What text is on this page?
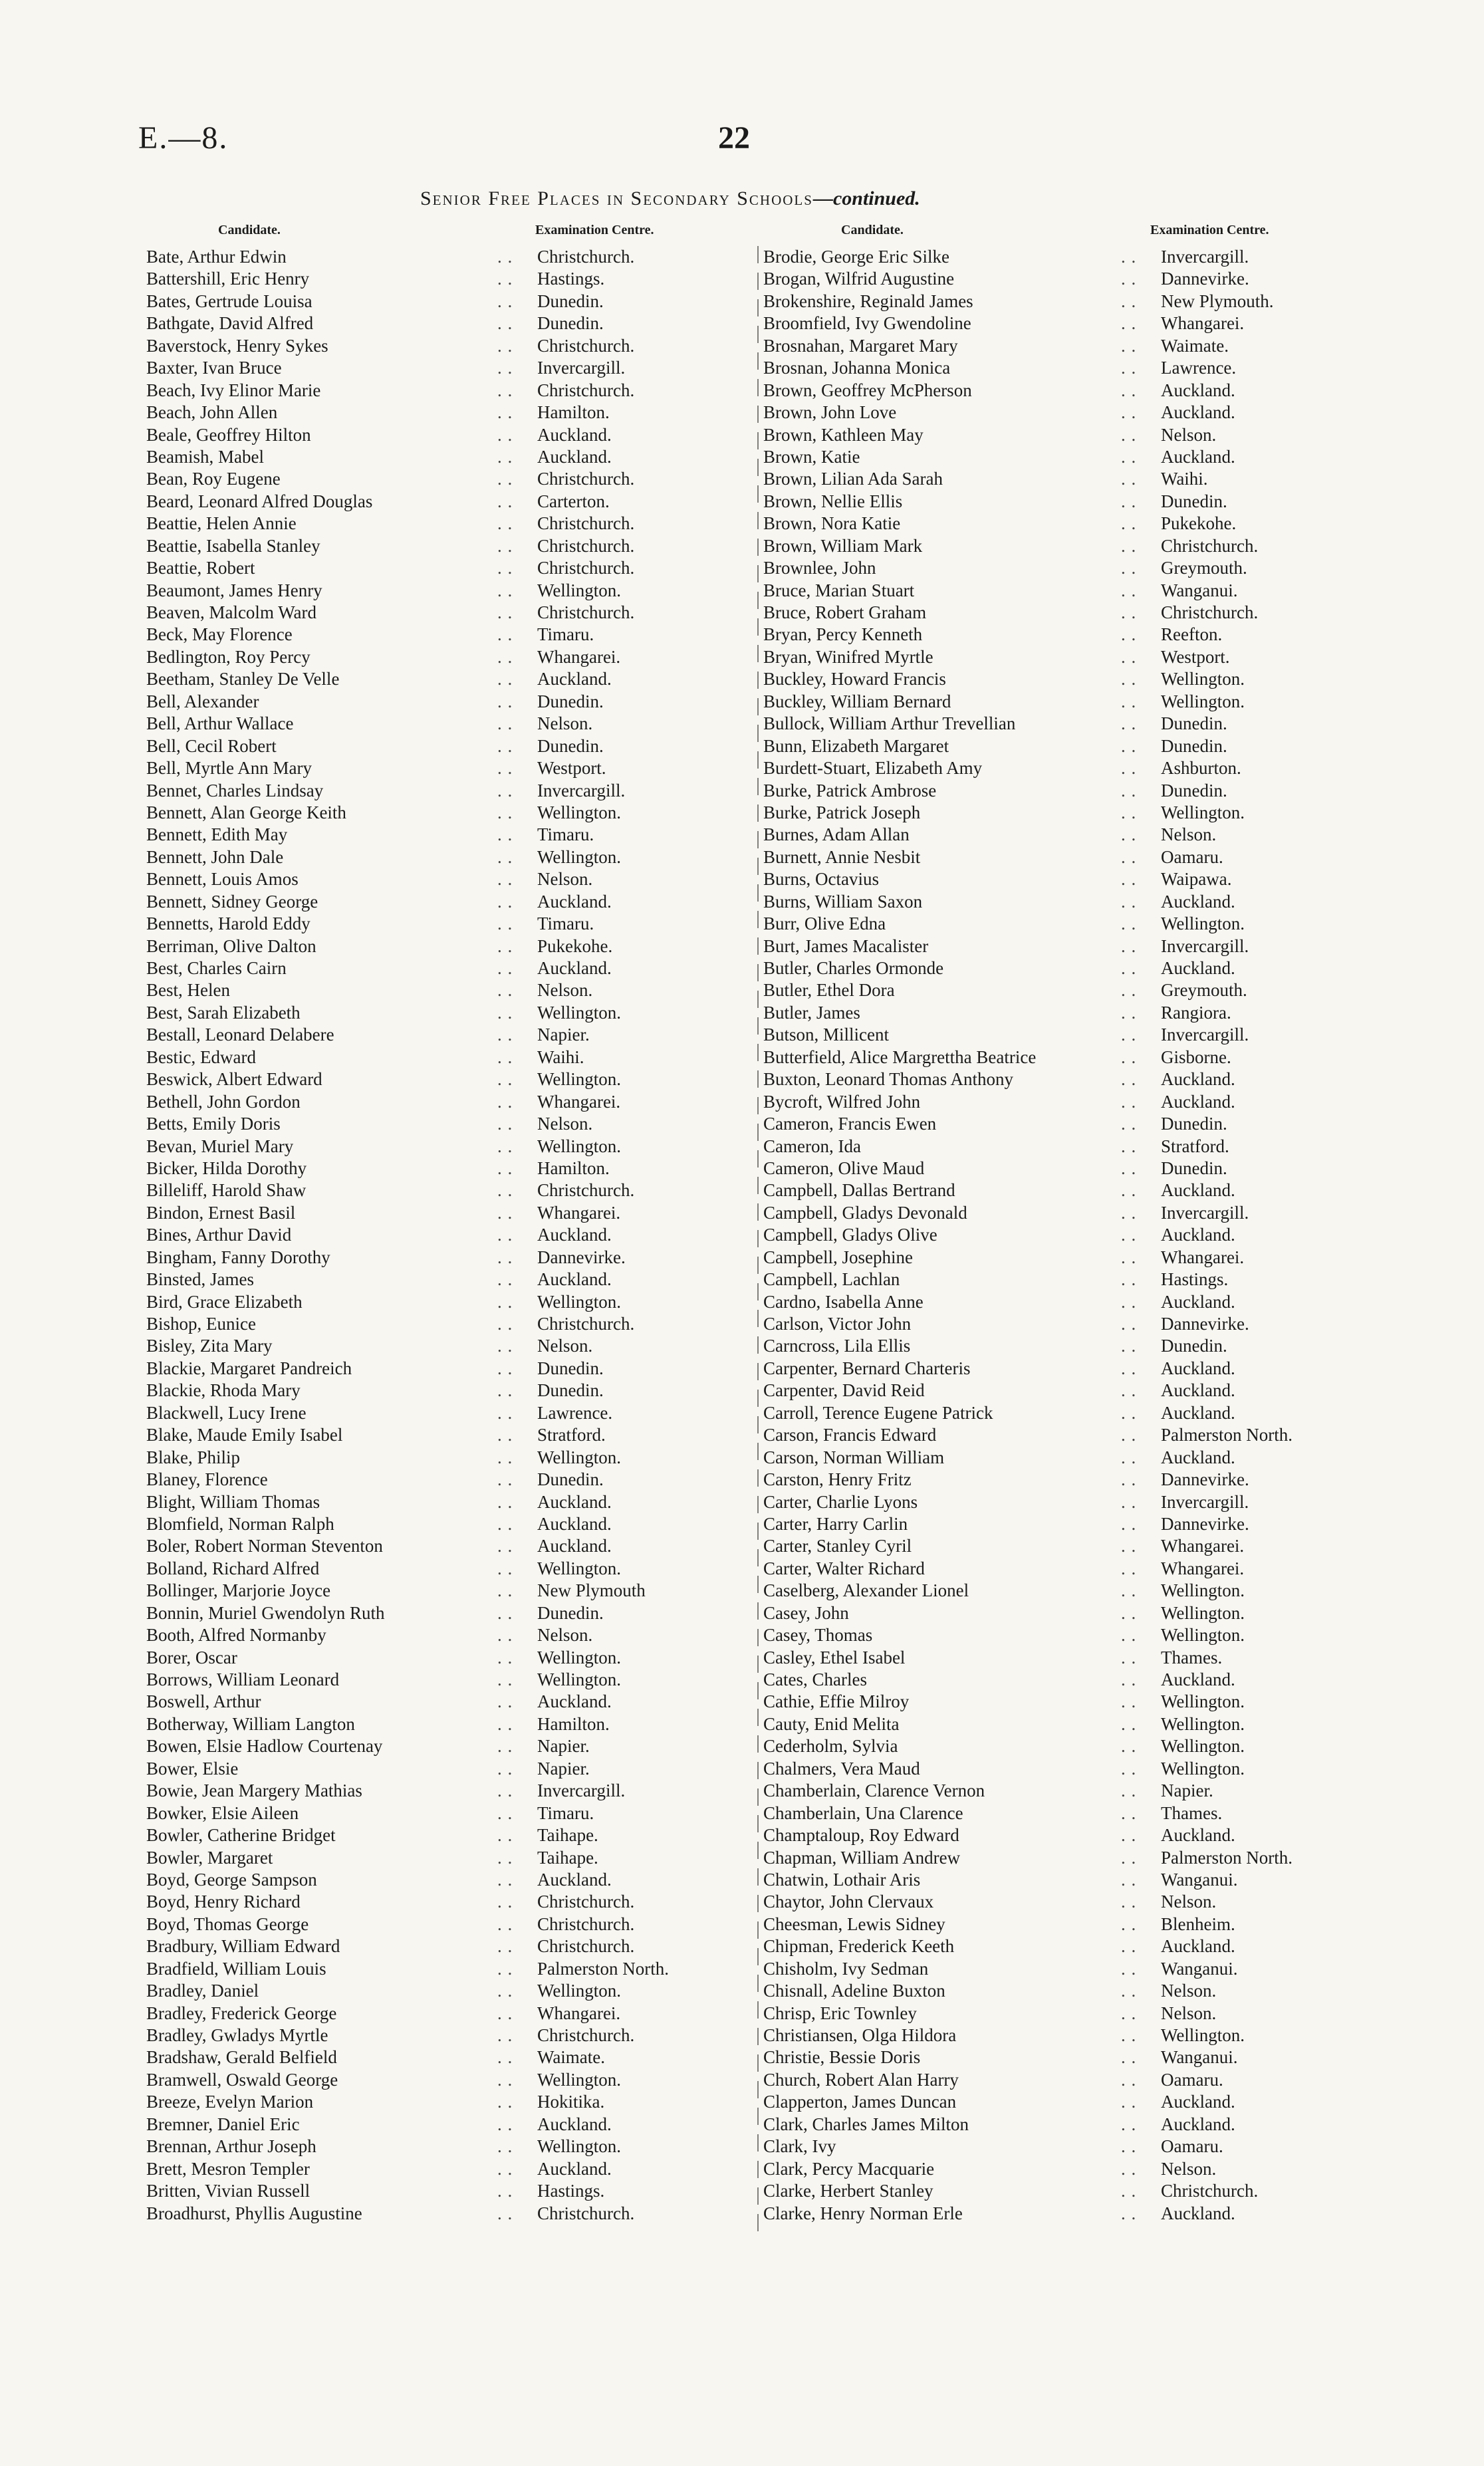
E.—8.	22
Senior Free Places in Secondary Schools—continued.
Candidate.	Examination Centre.	Candidate.	Examination Centre.
Bate, Arthur Edwin	. . Christchurch.
Battershill, Eric Henry	. . Hastings.
Bates, Gertrude Louisa	. . Dunedin.
Bathgate, David Alfred	. . Dunedin.
Baverstock, Henry Sykes	. . Christchurch.
Baxter, Ivan Bruce	. . Invercargill.
Beach, Ivy Elinor Marie	. . Christchurch.
Beach, John Allen	. . Hamilton.
Beale, Geoffrey Hilton	. . Auckland.
Beamish, Mabel	. . Auckland.
Bean, Roy Eugene	. . Christchurch.
Beard, Leonard Alfred Douglas	. . Carterton.
Beattie, Helen Annie	. . Christchurch.
Beattie, Isabella Stanley	. . Christchurch.
Beattie, Robert	. . Christchurch.
Beaumont, James Henry	. . Wellington.
Beaven, Malcolm Ward	. . Christchurch.
Beck, May Florence	. . Timaru.
Bedlington, Roy Percy	. . Whangarei.
Beetham, Stanley De Velle	. . Auckland.
Bell, Alexander	. . Dunedin.
Bell, Arthur Wallace	. . Nelson.
Bell, Cecil Robert	. . Dunedin.
Bell, Myrtle Ann Mary	. . Westport.
Bennet, Charles Lindsay	. . Invercargill.
Bennett, Alan George Keith	. . Wellington.
Bennett, Edith May	. . Timaru.
Bennett, John Dale	. . Wellington.
Bennett, Louis Amos	. . Nelson.
Bennett, Sidney George	. . Auckland.
Bennetts, Harold Eddy	. . Timaru.
Berriman, Olive Dalton	. . Pukekohe.
Best, Charles Cairn	. . Auckland.
Best, Helen	. . Nelson.
Best, Sarah Elizabeth	. . Wellington.
Bestall, Leonard Delabere	. . Napier.
Bestic, Edward	. . Waihi.
Beswick, Albert Edward	. . Wellington.
Bethell, John Gordon	. . Whangarei.
Betts, Emily Doris	. . Nelson.
Bevan, Muriel Mary	. . Wellington.
Bicker, Hilda Dorothy	. . Hamilton.
Billeliff, Harold Shaw	. . Christchurch.
Bindon, Ernest Basil	. . Whangarei.
Bines, Arthur David	. . Auckland.
Bingham, Fanny Dorothy	. . Dannevirke.
Binsted, James	. . Auckland.
Bird, Grace Elizabeth	. . Wellington.
Bishop, Eunice	. . Christchurch.
Bisley, Zita Mary	. . Nelson.
Blackie, Margaret Pandreich	. . Dunedin.
Blackie, Rhoda Mary	. . Dunedin.
Blackwell, Lucy Irene	. . Lawrence.
Blake, Maude Emily Isabel	. . Stratford.
Blake, Philip	. . Wellington.
Blaney, Florence	. . Dunedin.
Blight, William Thomas	. . Auckland.
Blomfield, Norman Ralph	. . Auckland.
Boler, Robert Norman Steventon	. . Auckland.
Bolland, Richard Alfred	. . Wellington.
Bollinger, Marjorie Joyce	. . New Plymouth
Bonnin, Muriel Gwendolyn Ruth	. . Dunedin.
Booth, Alfred Normanby	. . Nelson.
Borer, Oscar	. . Wellington.
Borrows, William Leonard	. . Wellington.
Boswell, Arthur	. . Auckland.
Botherway, William Langton	. . Hamilton.
Bowen, Elsie Hadlow Courtenay	. . Napier.
Bower, Elsie	. . Napier.
Bowie, Jean Margery Mathias	. . Invercargill.
Bowker, Elsie Aileen	. . Timaru.
Bowler, Catherine Bridget	. . Taihape.
Bowler, Margaret	. . Taihape.
Boyd, George Sampson	. . Auckland.
Boyd, Henry Richard	. . Christchurch.
Boyd, Thomas George	. . Christchurch.
Bradbury, William Edward	. . Christchurch.
Bradfield, William Louis	. . Palmerston North.
Bradley, Daniel	. . Wellington.
Bradley, Frederick George	. . Whangarei.
Bradley, Gwladys Myrtle	. . Christchurch.
Bradshaw, Gerald Belfield	. . Waimate.
Bramwell, Oswald George	. . Wellington.
Breeze, Evelyn Marion	. . Hokitika.
Bremner, Daniel Eric	. . Auckland.
Brennan, Arthur Joseph	. . Wellington.
Brett, Mesron Templer	. . Auckland.
Britten, Vivian Russell	. . Hastings.
Broadhurst, Phyllis Augustine	. . Christchurch.
Brodie, George Eric Silke	. . Invercargill.
Brogan, Wilfrid Augustine	. . Dannevirke.
Brokenshire, Reginald James	. . New Plymouth.
Broomfield, Ivy Gwendoline	. . Whangarei.
Brosnahan, Margaret Mary	. . Waimate.
Brosnan, Johanna Monica	. . Lawrence.
Brown, Geoffrey McPherson	. . Auckland.
Brown, John Love	. . Auckland.
Brown, Kathleen May	. . Nelson.
Brown, Katie	. . Auckland.
Brown, Lilian Ada Sarah	. . Waihi.
Brown, Nellie Ellis	. . Dunedin.
Brown, Nora Katie	. . Pukekohe.
Brown, William Mark	. . Christchurch.
Brownlee, John	. . Greymouth.
Bruce, Marian Stuart	. . Wanganui.
Bruce, Robert Graham	. . Christchurch.
Bryan, Percy Kenneth	. . Reefton.
Bryan, Winifred Myrtle	. . Westport.
Buckley, Howard Francis	. . Wellington.
Buckley, William Bernard	. . Wellington.
Bullock, William Arthur Trevellian	. . Dunedin.
Bunn, Elizabeth Margaret	. . Dunedin.
Burdett-Stuart, Elizabeth Amy	. . Ashburton.
Burke, Patrick Ambrose	. . Dunedin.
Burke, Patrick Joseph	. . Wellington.
Burnes, Adam Allan	. . Nelson.
Burnett, Annie Nesbit	. . Oamaru.
Burns, Octavius	. . Waipawa.
Burns, William Saxon	. . Auckland.
Burr, Olive Edna	. . Wellington.
Burt, James Macalister	. . Invercargill.
Butler, Charles Ormonde	. . Auckland.
Butler, Ethel Dora	. . Greymouth.
Butler, James	. . Rangiora.
Butson, Millicent	. . Invercargill.
Butterfield, Alice Margrettha Beatrice	. . Gisborne.
Buxton, Leonard Thomas Anthony	. . Auckland.
Bycroft, Wilfred John	. . Auckland.
Cameron, Francis Ewen	. . Dunedin.
Cameron, Ida	. . Stratford.
Cameron, Olive Maud	. . Dunedin.
Campbell, Dallas Bertrand	. . Auckland.
Campbell, Gladys Devonald	. . Invercargill.
Campbell, Gladys Olive	. . Auckland.
Campbell, Josephine	. . Whangarei.
Campbell, Lachlan	. . Hastings.
Cardno, Isabella Anne	. . Auckland.
Carlson, Victor John	. . Dannevirke.
Carncross, Lila Ellis	. . Dunedin.
Carpenter, Bernard Charteris	. . Auckland.
Carpenter, David Reid	. . Auckland.
Carroll, Terence Eugene Patrick	. . Auckland.
Carson, Francis Edward	. . Palmerston North.
Carson, Norman William	. . Auckland.
Carston, Henry Fritz	. . Dannevirke.
Carter, Charlie Lyons	. . Invercargill.
Carter, Harry Carlin	. . Dannevirke.
Carter, Stanley Cyril	. . Whangarei.
Carter, Walter Richard	. . Whangarei.
Caselberg, Alexander Lionel	. . Wellington.
Casey, John	. . Wellington.
Casey, Thomas	. . Wellington.
Casley, Ethel Isabel	. . Thames.
Cates, Charles	. . Auckland.
Cathie, Effie Milroy	. . Wellington.
Cauty, Enid Melita	. . Wellington.
Cederholm, Sylvia	. . Wellington.
Chalmers, Vera Maud	. . Wellington.
Chamberlain, Clarence Vernon	. . Napier.
Chamberlain, Una Clarence	. . Thames.
Champtaloup, Roy Edward	. . Auckland.
Chapman, William Andrew	. . Palmerston North.
Chatwin, Lothair Aris	. . Wanganui.
Chaytor, John Clervaux	. . Nelson.
Cheesman, Lewis Sidney	. . Blenheim.
Chipman, Frederick Keeth	. . Auckland.
Chisholm, Ivy Sedman	. . Wanganui.
Chisnall, Adeline Buxton	. . Nelson.
Chrisp, Eric Townley	. . Nelson.
Christiansen, Olga Hildora	. . Wellington.
Christie, Bessie Doris	. . Wanganui.
Church, Robert Alan Harry	. . Oamaru.
Clapperton, James Duncan	. . Auckland.
Clark, Charles James Milton	. . Auckland.
Clark, Ivy	. . Oamaru.
Clark, Percy Macquarie	. . Nelson.
Clarke, Herbert Stanley	. . Christchurch.
Clarke, Henry Norman Erle	. . Auckland.
